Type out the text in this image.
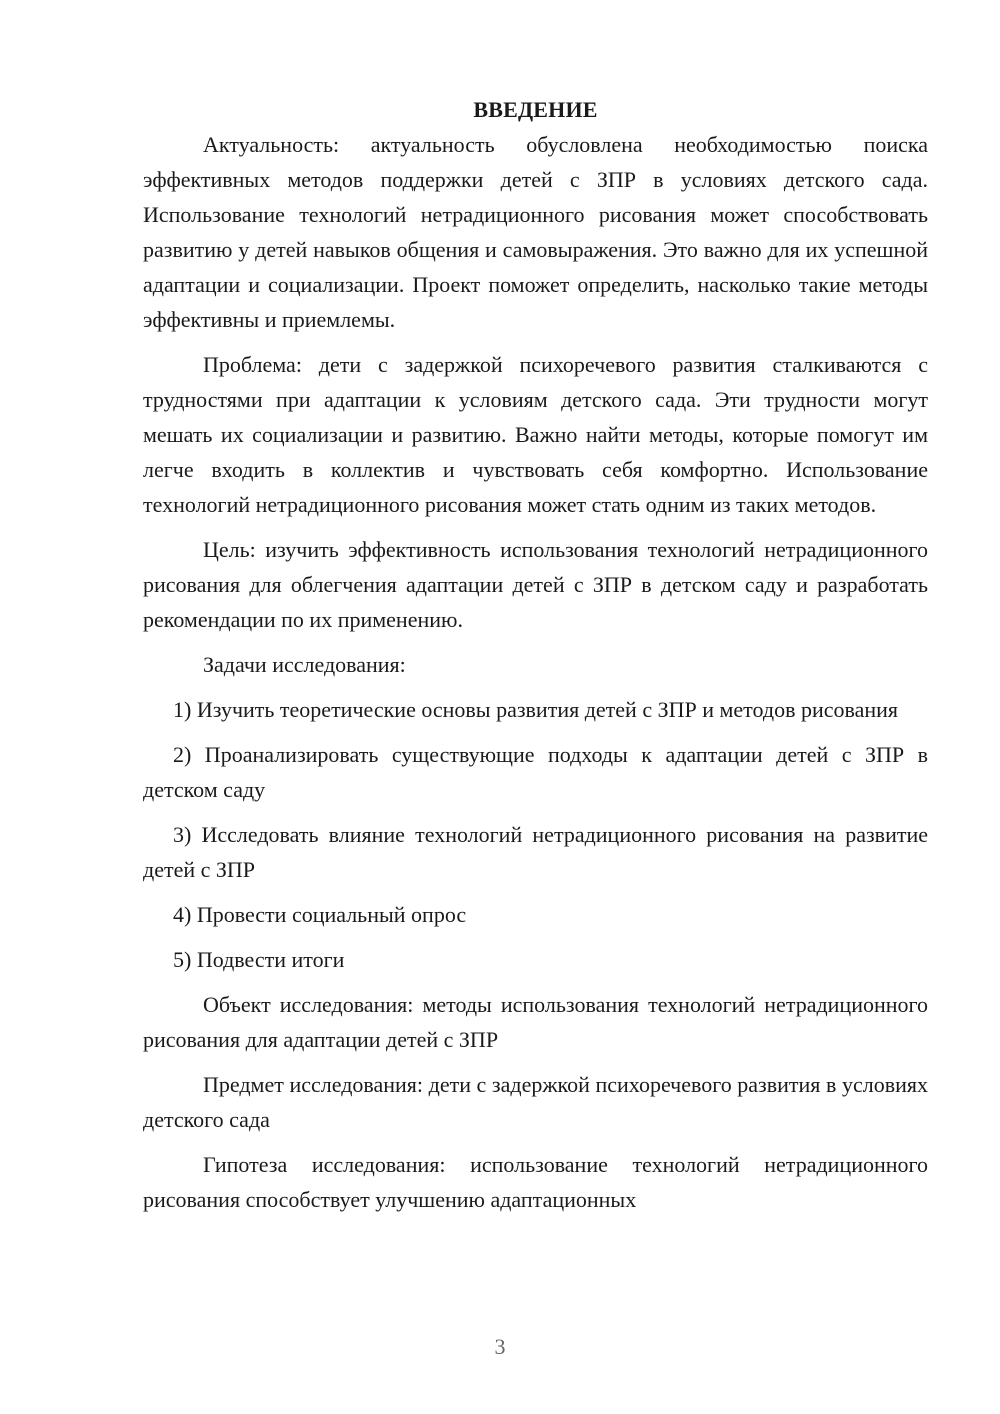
ВВЕДЕНИЕ

Актуальность: актуальность обусловлена необходимостью поиска эффективных методов поддержки детей с ЗПР в условиях детского сада. Использование технологий нетрадиционного рисования может способствовать развитию у детей навыков общения и самовыражения. Это важно для их успешной адаптации и социализации. Проект поможет определить, насколько такие методы эффективны и приемлемы.

Проблема: дети с задержкой психоречевого развития сталкиваются с трудностями при адаптации к условиям детского сада. Эти трудности могут мешать их социализации и развитию. Важно найти методы, которые помогут им легче входить в коллектив и чувствовать себя комфортно. Использование технологий нетрадиционного рисования может стать одним из таких методов.

Цель: изучить эффективность использования технологий нетрадиционного рисования для облегчения адаптации детей с ЗПР в детском саду и разработать рекомендации по их применению.

Задачи исследования:

1) Изучить теоретические основы развития детей с ЗПР и методов рисования

2) Проанализировать существующие подходы к адаптации детей с ЗПР в детском саду

3) Исследовать влияние технологий нетрадиционного рисования на развитие детей с ЗПР

4) Провести социальный опрос

5) Подвести итоги

Объект исследования: методы использования технологий нетрадиционного рисования для адаптации детей с ЗПР

Предмет исследования: дети с задержкой психоречевого развития в условиях детского сада

Гипотеза исследования: использование технологий нетрадиционного рисования способствует улучшению адаптационных

3
